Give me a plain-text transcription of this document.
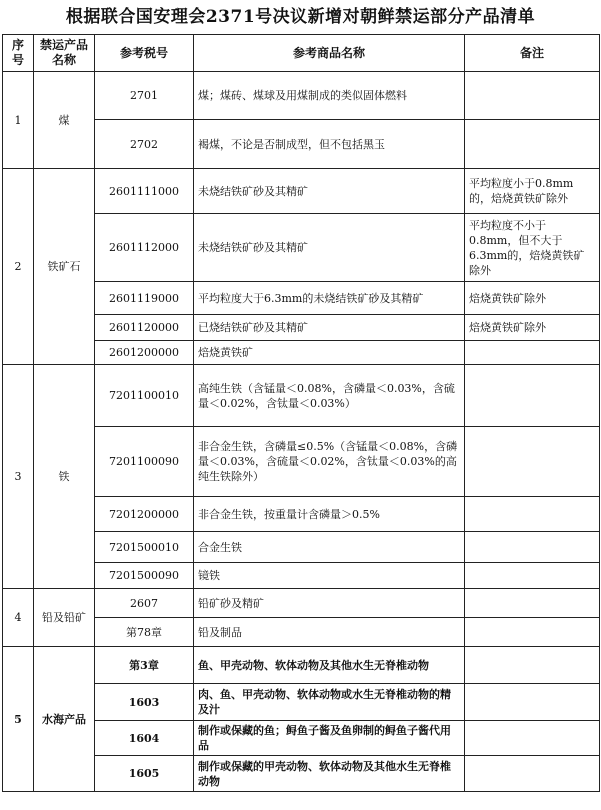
根据联合国安理会2371号决议新增对朝鲜禁运部分产品清单
序号	禁运产品名称	参考税号	参考商品名称	备注
1	煤	2701	煤；煤砖、煤球及用煤制成的类似固体燃料	
		2702	褐煤，不论是否制成型，但不包括黑玉	
2	铁矿石	2601111000	未烧结铁矿砂及其精矿	平均粒度小于0.8mm的，焙烧黄铁矿除外
		2601112000	未烧结铁矿砂及其精矿	平均粒度不小于0.8mm，但不大于6.3mm的，焙烧黄铁矿除外
		2601119000	平均粒度大于6.3mm的未烧结铁矿砂及其精矿	焙烧黄铁矿除外
		2601120000	已烧结铁矿砂及其精矿	焙烧黄铁矿除外
		2601200000	焙烧黄铁矿	
3	铁	7201100010	高纯生铁（含锰量＜0.08%，含磷量＜0.03%，含硫量＜0.02%，含钛量＜0.03%）	
		7201100090	非合金生铁，含磷量≤0.5%（含锰量＜0.08%，含磷量＜0.03%，含硫量＜0.02%，含钛量＜0.03%的高纯生铁除外）	
		7201200000	非合金生铁，按重量计含磷量＞0.5%	
		7201500010	合金生铁	
		7201500090	镜铁	
4	铅及铅矿	2607	铅矿砂及精矿	
		第78章	铅及制品	
5	水海产品	第3章	鱼、甲壳动物、软体动物及其他水生无脊椎动物	
		1603	肉、鱼、甲壳动物、软体动物或水生无脊椎动物的精及汁	
		1604	制作或保藏的鱼；鲟鱼子酱及鱼卵制的鲟鱼子酱代用品	
		1605	制作或保藏的甲壳动物、软体动物及其他水生无脊椎动物	
